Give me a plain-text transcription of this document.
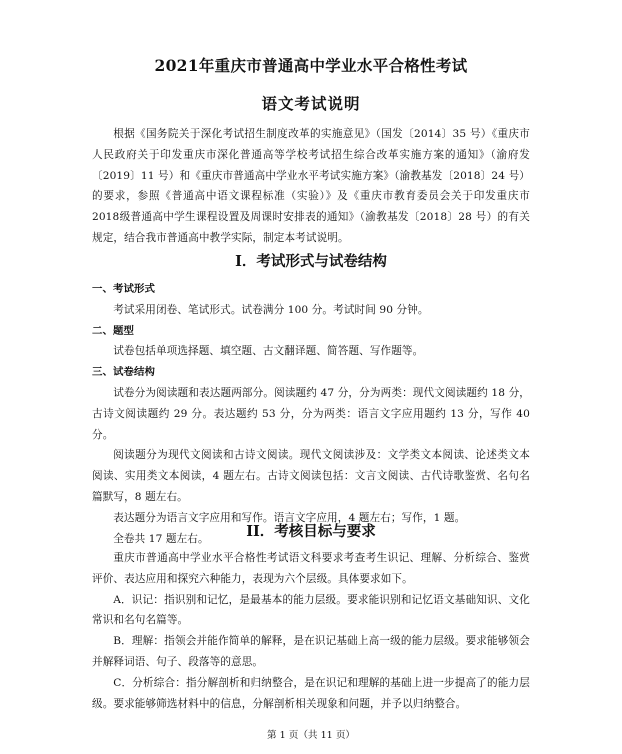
2021年重庆市普通高中学业水平合格性考试
语文考试说明

根据《国务院关于深化考试招生制度改革的实施意见》（国发〔2014〕35 号）《重庆市人民政府关于印发重庆市深化普通高等学校考试招生综合改革实施方案的通知》（渝府发〔2019〕11 号）和《重庆市普通高中学业水平考试实施方案》（渝教基发〔2018〕24 号）的要求，参照《普通高中语文课程标准（实验）》及《重庆市教育委员会关于印发重庆市2018级普通高中学生课程设置及周课时安排表的通知》（渝教基发〔2018〕28 号）的有关规定，结合我市普通高中教学实际，制定本考试说明。

I．考试形式与试卷结构

一、考试形式

考试采用闭卷、笔试形式。试卷满分 100 分。考试时间 90 分钟。

二、题型

试卷包括单项选择题、填空题、古文翻译题、简答题、写作题等。

三、试卷结构

试卷分为阅读题和表达题两部分。阅读题约 47 分，分为两类：现代文阅读题约 18 分，古诗文阅读题约 29 分。表达题约 53 分，分为两类：语言文字应用题约 13 分，写作 40 分。

阅读题分为现代文阅读和古诗文阅读。现代文阅读涉及：文学类文本阅读、论述类文本阅读、实用类文本阅读，4 题左右。古诗文阅读包括：文言文阅读、古代诗歌鉴赏、名句名篇默写，8 题左右。

表达题分为语言文字应用和写作。语言文字应用，4 题左右；写作，1 题。

全卷共 17 题左右。	II．考核目标与要求

重庆市普通高中学业水平合格性考试语文科要求考查考生识记、理解、分析综合、鉴赏评价、表达应用和探究六种能力，表现为六个层级。具体要求如下。

A．识记：指识别和记忆，是最基本的能力层级。要求能识别和记忆语文基础知识、文化常识和名句名篇等。

B．理解：指领会并能作简单的解释，是在识记基础上高一级的能力层级。要求能够领会并解释词语、句子、段落等的意思。

C．分析综合：指分解剖析和归纳整合，是在识记和理解的基础上进一步提高了的能力层级。要求能够筛选材料中的信息，分解剖析相关现象和问题，并予以归纳整合。

第 1 页（共 11 页）
